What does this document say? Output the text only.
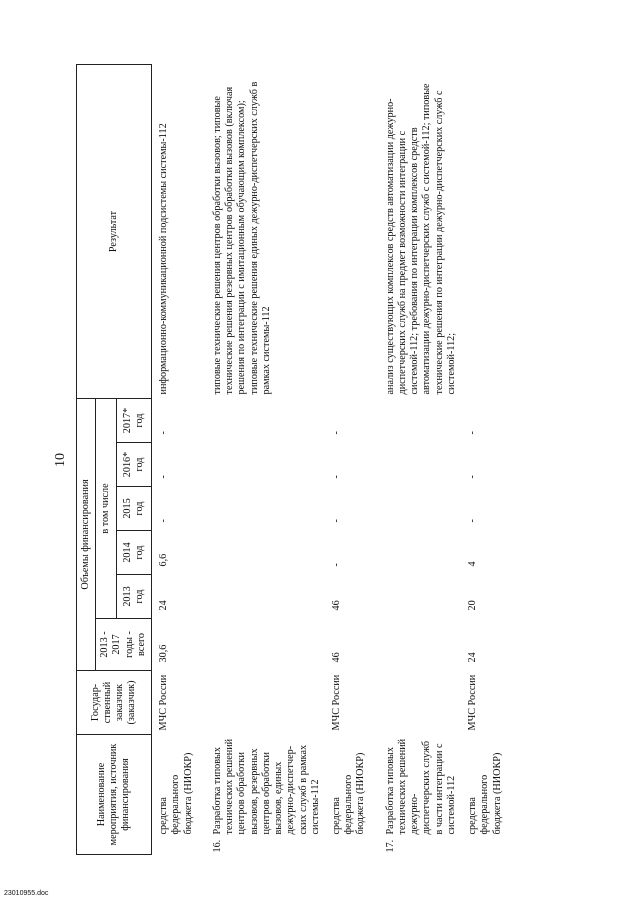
10
Наименование мероприятия, источник финансирования		Государ-ственный заказчик (заказчик)	Объемы финансирования						Результат
			2013 - 2017 годы - всего	в том числе					
				2013 год	2014 год	2015 год	2016* год	2017* год	
	средства федерального бюджета (НИОКР)	МЧС России	30,6	24	6,6	-	-	-	информационно-коммуникационной подсистемы системы-112
16.	Разработка типовых технических решений центров обработки вызовов, резервных центров обработки вызовов, единых дежурно-диспетчер-ских служб в рамках системы-112								типовые технические решения центров обработки вызовов; типовые технические решения резервных центров обработки вызовов (включая решения по интеграции с имитационным обучающим комплексом); типовые технические решения единых дежурно-диспетчерских служб в рамках системы-112
	средства федерального бюджета (НИОКР)	МЧС России	46	46	-	-	-	-	
17.	Разработка типовых технических решений дежурно-диспетчерских служб в части интеграции с системой-112								анализ существующих комплексов средств автоматизации дежурно-диспетчерских служб на предмет возможности интеграции с системой-112; требования по интеграции комплексов средств автоматизации дежурно-диспетчерских служб с системой-112; типовые технические решения по интеграции дежурно-диспетчерских служб с системой-112;
	средства федерального бюджета (НИОКР)	МЧС России	24	20	4	-	-	-	
23010955.doc
